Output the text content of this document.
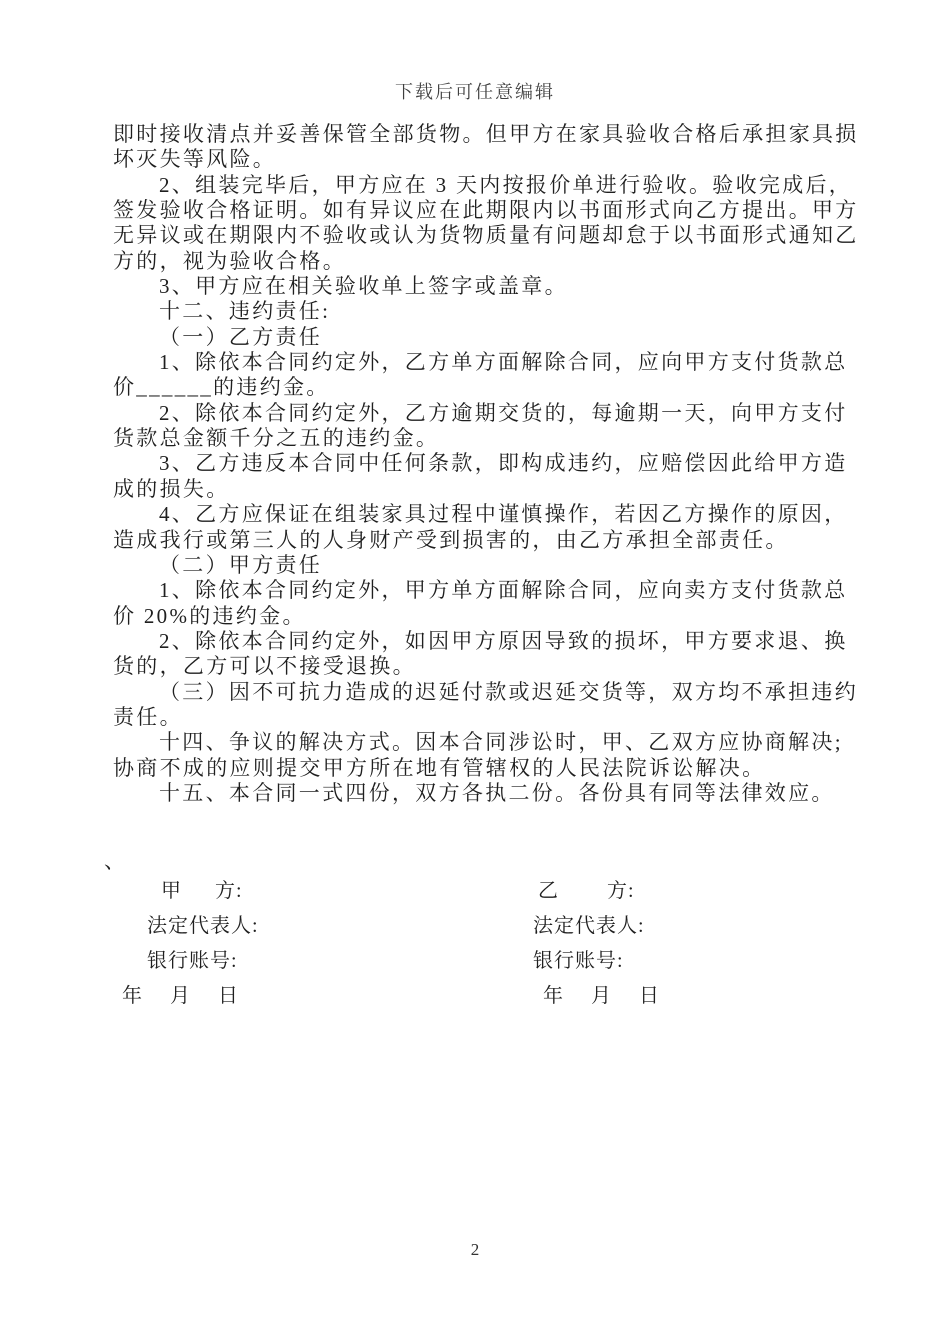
下载后可任意编辑
即时接收清点并妥善保管全部货物。但甲方在家具验收合格后承担家具损
坏灭失等风险。
2、组装完毕后，甲方应在 3 天内按报价单进行验收。验收完成后，
签发验收合格证明。如有异议应在此期限内以书面形式向乙方提出。甲方
无异议或在期限内不验收或认为货物质量有问题却怠于以书面形式通知乙
方的，视为验收合格。
3、甲方应在相关验收单上签字或盖章。
十二、违约责任:
（一）乙方责任
1、除依本合同约定外，乙方单方面解除合同，应向甲方支付货款总
价______的违约金。
2、除依本合同约定外，乙方逾期交货的，每逾期一天，向甲方支付
货款总金额千分之五的违约金。
3、乙方违反本合同中任何条款，即构成违约，应赔偿因此给甲方造
成的损失。
4、乙方应保证在组装家具过程中谨慎操作，若因乙方操作的原因，
造成我行或第三人的人身财产受到损害的，由乙方承担全部责任。
（二）甲方责任
1、除依本合同约定外，甲方单方面解除合同，应向卖方支付货款总
价 20%的违约金。
2、除依本合同约定外，如因甲方原因导致的损坏，甲方要求退、换
货的，乙方可以不接受退换。
（三）因不可抗力造成的迟延付款或迟延交货等，双方均不承担违约
责任。
十四、争议的解决方式。因本合同涉讼时，甲、乙双方应协商解决;
协商不成的应则提交甲方所在地有管辖权的人民法院诉讼解决。
十五、本合同一式四份，双方各执二份。各份具有同等法律效应。
、
甲　  方:	乙　　 方:
法定代表人:	法定代表人:
银行账号:	银行账号:
年　 月　 日	年　 月　 日
2
